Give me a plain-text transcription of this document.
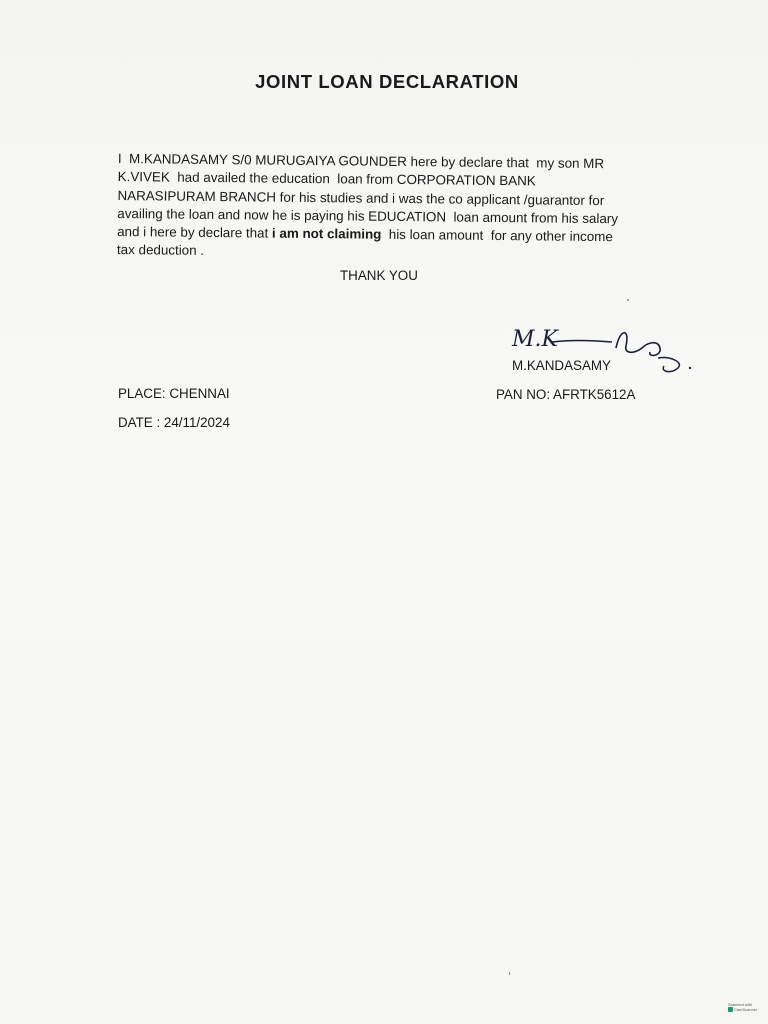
JOINT LOAN DECLARATION
I  M.KANDASAMY S/0 MURUGAIYA GOUNDER here by declare that  my son MR
K.VIVEK  had availed the education  loan from CORPORATION BANK
NARASIPURAM BRANCH for his studies and i was the co applicant /guarantor for
availing the loan and now he is paying his EDUCATION  loan amount from his salary
and i here by declare that i am not claiming  his loan amount  for any other income
tax deduction .
THANK YOU
M.K
M.KANDASAMY
PLACE: CHENNAI	PAN NO: AFRTK5612A
DATE : 24/11/2024
Scanned with
CamScanner
